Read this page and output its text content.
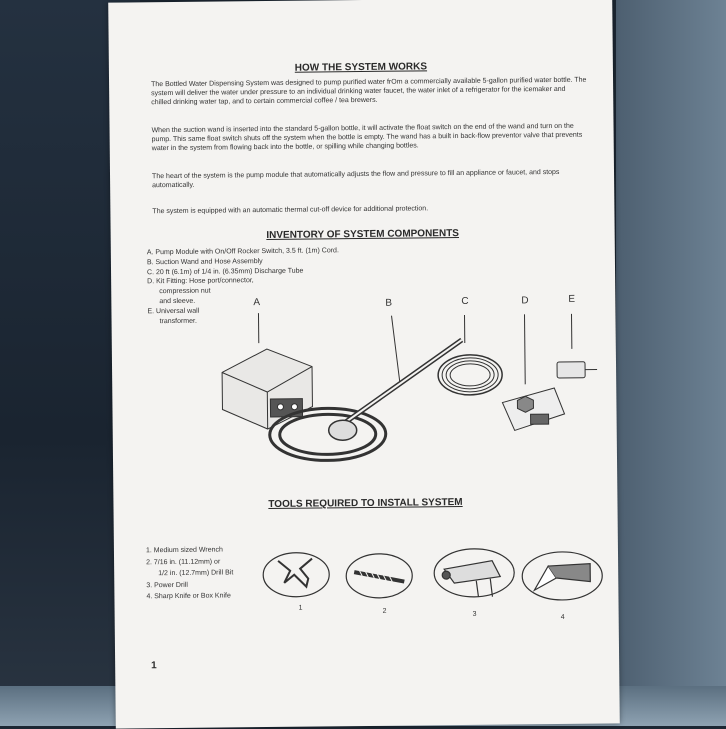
HOW THE SYSTEM WORKS
The Bottled Water Dispensing System was designed to pump purified water frOm a commercially available 5-gallon purified water bottle. The system will deliver the water under pressure to an individual drinking water faucet, the water inlet of a refrigerator for the icemaker and chilled drinking water tap, and to certain commercial coffee / tea brewers.
When the suction wand is inserted into the standard 5-gallon bottle, it will activate the float switch on the end of the wand and turn on the pump. This same float switch shuts off the system when the bottle is empty. The wand has a built in back-flow preventor valve that prevents water in the system from flowing back into the bottle, or spilling while changing bottles.
The heart of the system is the pump module that automatically adjusts the flow and pressure to fill an appliance or faucet, and stops automatically.
The system is equipped with an automatic thermal cut-off device for additional protection.
INVENTORY OF SYSTEM COMPONENTS
A. Pump Module with On/Off Rocker Switch, 3.5 ft. (1m) Cord.
B. Suction Wand and Hose Assembly
C. 20 ft (6.1m) of 1/4 in. (6.35mm) Discharge Tube
D. Kit Fitting: Hose port/connector,
compression nut
and sleeve.
E. Universal wall
transformer.
A	B	C	D	E
TOOLS REQUIRED TO INSTALL SYSTEM
1. Medium sized Wrench
2. 7/16 in. (11.12mm) or
1/2 in. (12.7mm) Drill Bit
3. Power Drill
4. Sharp Knife or Box Knife
1	2	3	4
1
